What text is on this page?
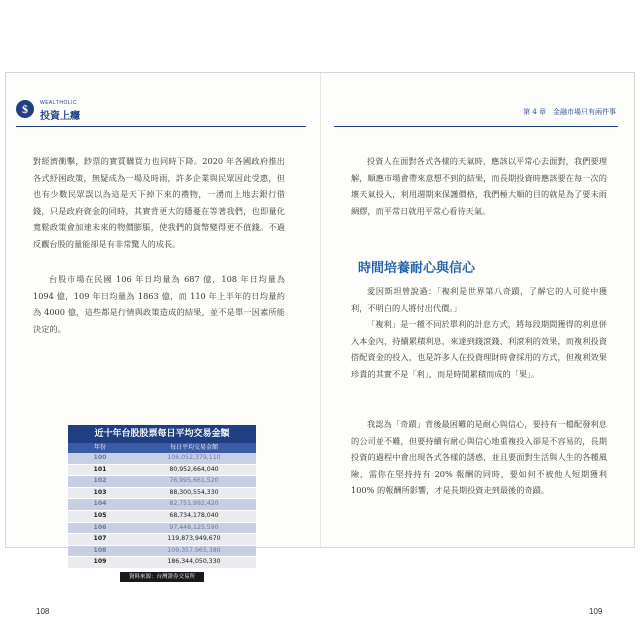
$	WEALTHOLIC
投資上癮	第 4 章　金融市場只有兩件事

對經濟衝擊，鈔票的實質購買力也同時下降。2020 年各國政府推出各式紓困政策，無疑成為一場及時雨，許多企業與民眾因此受惠，但也有少數民眾誤以為這是天下掉下來的禮物，一湧而上地去銀行借錢，只是政府資金的同時，其實背更大的隱憂在等著我們，也即量化寬鬆政策會加速未來的物價膨脹，使我們的貨幣變得更不值錢。不過反觀台股的量能卻是有非常驚人的成長。

台股市場在民國 106 年日均量為 687 億，108 年日均量為 1094 億，109 年日均量為 1863 億，而 110 年上半年的日均量約為 4000 億，這些都是行情與政策造成的結果，並不是單一因素所能決定的。

近十年台股股票每日平均交易金額
年份	每日平均交易金額
100	106,052,379,110
101	80,952,664,040
102	76,995,661,520
103	88,300,554,330
104	82,751,992,420
105	68,734,178,040
106	97,448,125,590
107	119,873,949,670
108	109,357,965,380
109	186,344,050,330
資料來源：台灣證券交易所
108

投資人在面對各式各樣的天氣時，應該以平常心去面對，我們要理解，順應市場會帶來意想不到的結果，而長期投資時應該要在每一次的壞天氣投入，利用週期來保護價格，我們極大順的目的就是為了要未雨綢繆，而平常日就用平常心看待天氣。

時間培養耐心與信心

愛因斯坦曾說過：「複利是世界第八奇蹟，了解它的人可從中獲利，不明白的人將付出代價。」

「複利」是一種不同於單利的計息方式，將每段期間獲得的利息併入本金內，持續累積利息，來達到錢滾錢、利滾利的效果，而複利投資搭配資金的投入，也是許多人在投資理財時會採用的方式，但複利效果珍貴的其實不是「利」，而是時間累積而成的「果」。

我認為「奇蹟」背後最困難的是耐心與信心，要持有一檔配發利息的公司並不難，但要持續有耐心與信心地重複投入卻是不容易的，長期投資的過程中會出現各式各樣的誘惑，並且要面對生活與人生的各種風險，需你在堅持持有 20% 報酬的同時，要如何不被他人短期獲利 100% 的報酬所影響，才是長期投資走到最後的奇蹟。

109
